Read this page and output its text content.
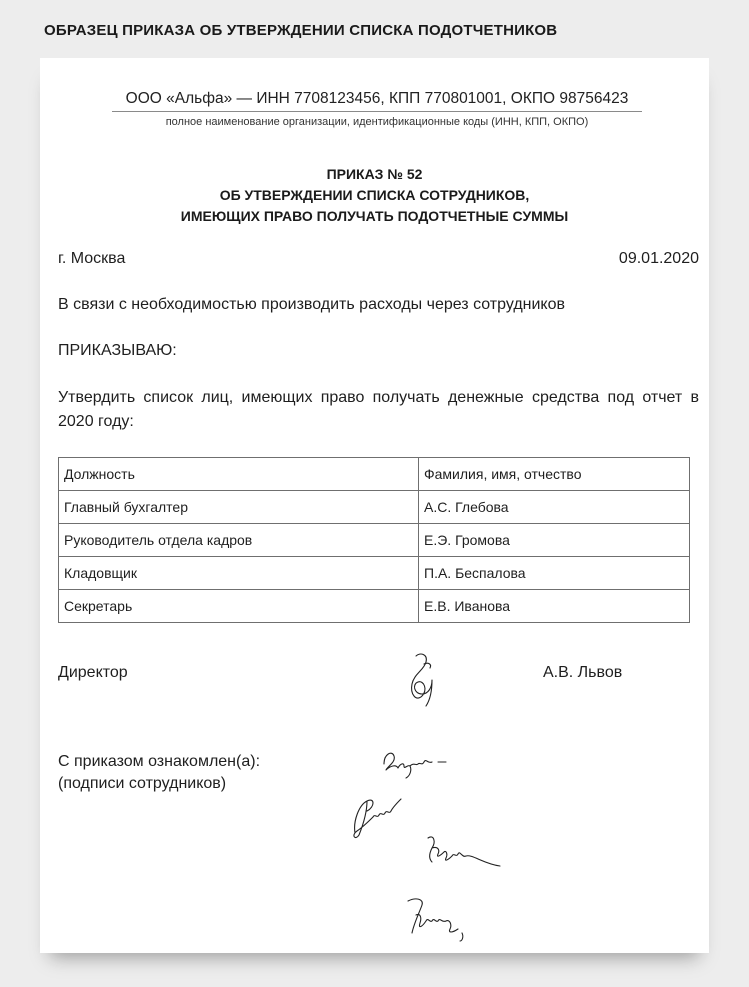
ОБРАЗЕЦ ПРИКАЗА ОБ УТВЕРЖДЕНИИ СПИСКА ПОДОТЧЕТНИКОВ
ООО «Альфа» — ИНН 7708123456, КПП 770801001, ОКПО 98756423
полное наименование организации, идентификационные коды (ИНН, КПП, ОКПО)
ПРИКАЗ № 52
ОБ УТВЕРЖДЕНИИ СПИСКА СОТРУДНИКОВ,
ИМЕЮЩИХ ПРАВО ПОЛУЧАТЬ ПОДОТЧЕТНЫЕ СУММЫ
г. Москва	09.01.2020
В связи с необходимостью производить расходы через сотрудников
ПРИКАЗЫВАЮ:
Утвердить список лиц, имеющих право получать денежные средства под отчет в 2020 году:
Должность	Фамилия, имя, отчество
Главный бухгалтер	А.С. Глебова
Руководитель отдела кадров	Е.Э. Громова
Кладовщик	П.А. Беспалова
Секретарь	Е.В. Иванова
Директор	А.В. Львов
С приказом ознакомлен(а):
(подписи сотрудников)
